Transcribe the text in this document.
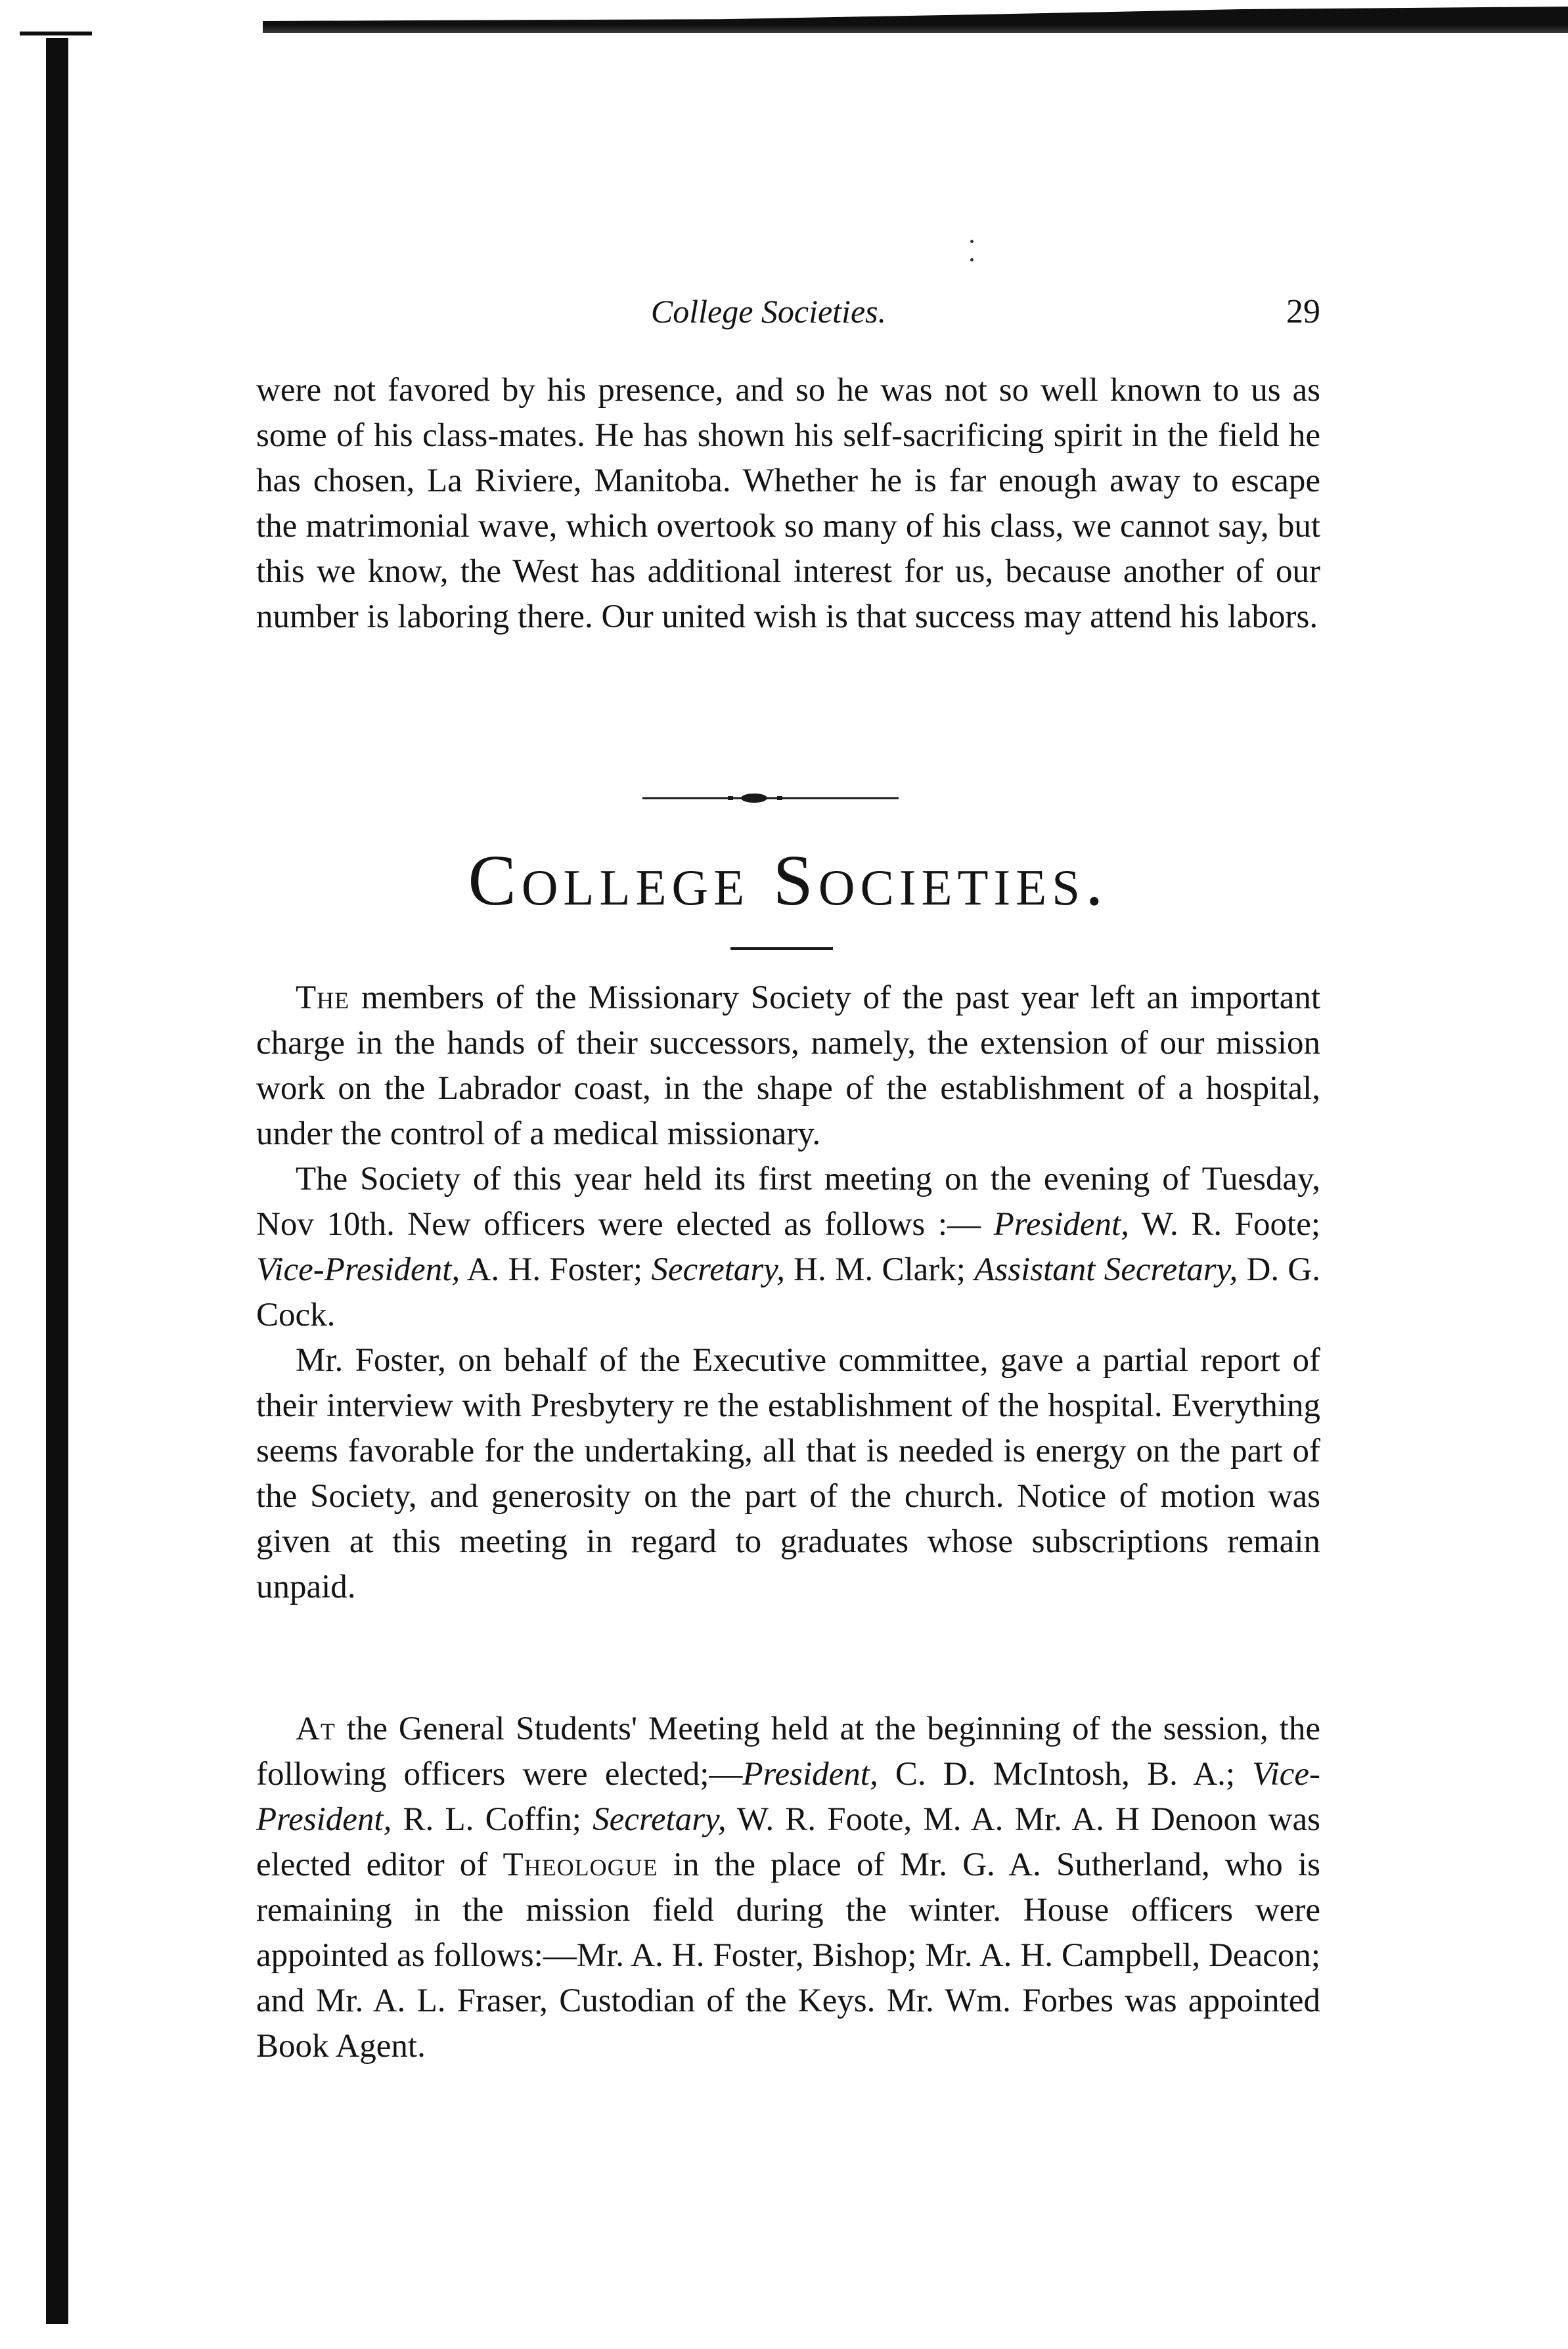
College Societies.	29

were not favored by his presence, and so he was not so well known to us as some of his class-mates. He has shown his self-sacrificing spirit in the field he has chosen, La Riviere, Manitoba. Whether he is far enough away to escape the matrimonial wave, which overtook so many of his class, we cannot say, but this we know, the West has additional interest for us, because another of our number is laboring there. Our united wish is that success may attend his labors.

College Societies.

The members of the Missionary Society of the past year left an important charge in the hands of their successors, namely, the extension of our mission work on the Labrador coast, in the shape of the establishment of a hospital, under the control of a medical missionary.

The Society of this year held its first meeting on the evening of Tuesday, Nov 10th. New officers were elected as follows :— President, W. R. Foote; Vice-President, A. H. Foster; Secretary, H. M. Clark; Assistant Secretary, D. G. Cock.

Mr. Foster, on behalf of the Executive committee, gave a partial report of their interview with Presbytery re the establishment of the hospital. Everything seems favorable for the undertaking, all that is needed is energy on the part of the Society, and generosity on the part of the church. Notice of motion was given at this meeting in regard to graduates whose subscriptions remain unpaid.

At the General Students' Meeting held at the beginning of the session, the following officers were elected;—President, C. D. McIntosh, B. A.; Vice-President, R. L. Coffin; Secretary, W. R. Foote, M. A. Mr. A. H Denoon was elected editor of Theologue in the place of Mr. G. A. Sutherland, who is remaining in the mission field during the winter. House officers were appointed as follows:—Mr. A. H. Foster, Bishop; Mr. A. H. Campbell, Deacon; and Mr. A. L. Fraser, Custodian of the Keys. Mr. Wm. Forbes was appointed Book Agent.
